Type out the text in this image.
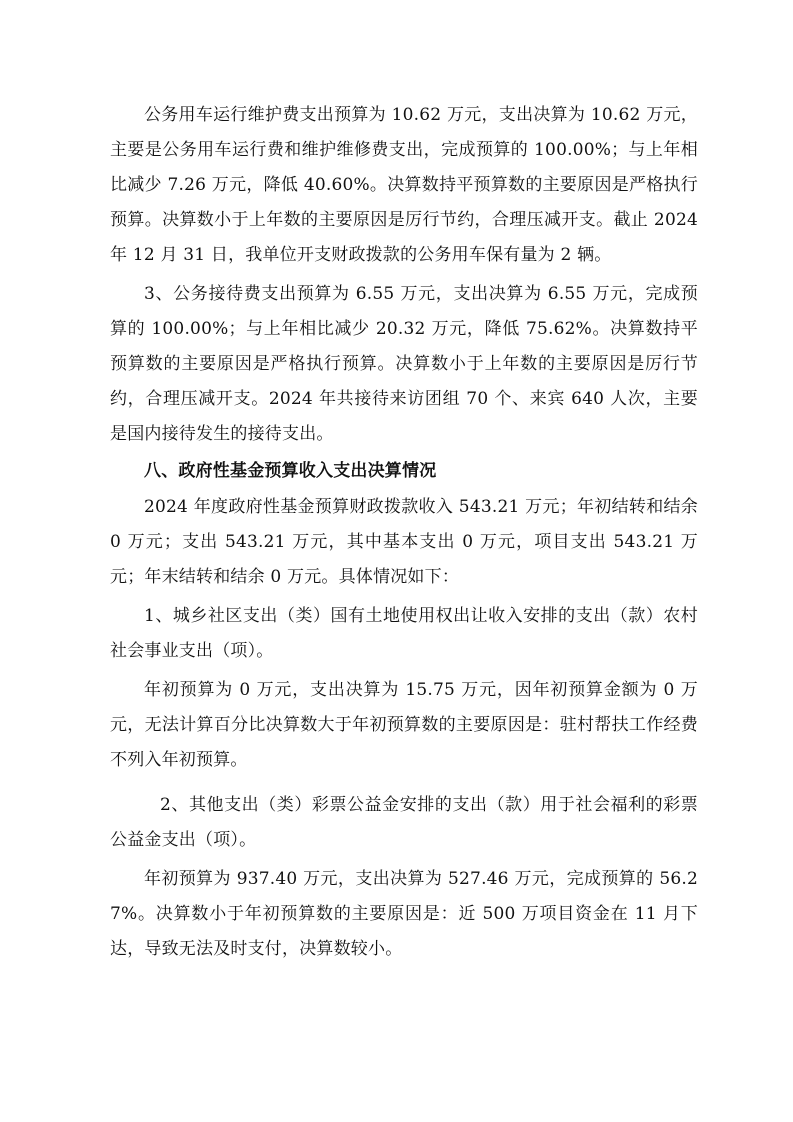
公务用车运行维护费支出预算为 10.62 万元，支出决算为 10.62 万元，主要是公务用车运行费和维护维修费支出，完成预算的 100.00%；与上年相比减少 7.26 万元，降低 40.60%。决算数持平预算数的主要原因是严格执行预算。决算数小于上年数的主要原因是厉行节约，合理压减开支。截止 2024 年 12 月 31 日，我单位开支财政拨款的公务用车保有量为 2 辆。

3、公务接待费支出预算为 6.55 万元，支出决算为 6.55 万元，完成预算的 100.00%；与上年相比减少 20.32 万元，降低 75.62%。决算数持平预算数的主要原因是严格执行预算。决算数小于上年数的主要原因是厉行节约，合理压减开支。2024 年共接待来访团组 70 个、来宾 640 人次，主要是国内接待发生的接待支出。

八、政府性基金预算收入支出决算情况

2024 年度政府性基金预算财政拨款收入 543.21 万元；年初结转和结余 0 万元；支出 543.21 万元，其中基本支出 0 万元，项目支出 543.21 万元；年末结转和结余 0 万元。具体情况如下：

1、城乡社区支出（类）国有土地使用权出让收入安排的支出（款）农村社会事业支出（项）。

年初预算为 0 万元，支出决算为 15.75 万元，因年初预算金额为 0 万元，无法计算百分比决算数大于年初预算数的主要原因是：驻村帮扶工作经费不列入年初预算。

2、其他支出（类）彩票公益金安排的支出（款）用于社会福利的彩票公益金支出（项）。

年初预算为 937.40 万元，支出决算为 527.46 万元，完成预算的 56.27%。决算数小于年初预算数的主要原因是：近 500 万项目资金在 11 月下达，导致无法及时支付，决算数较小。
